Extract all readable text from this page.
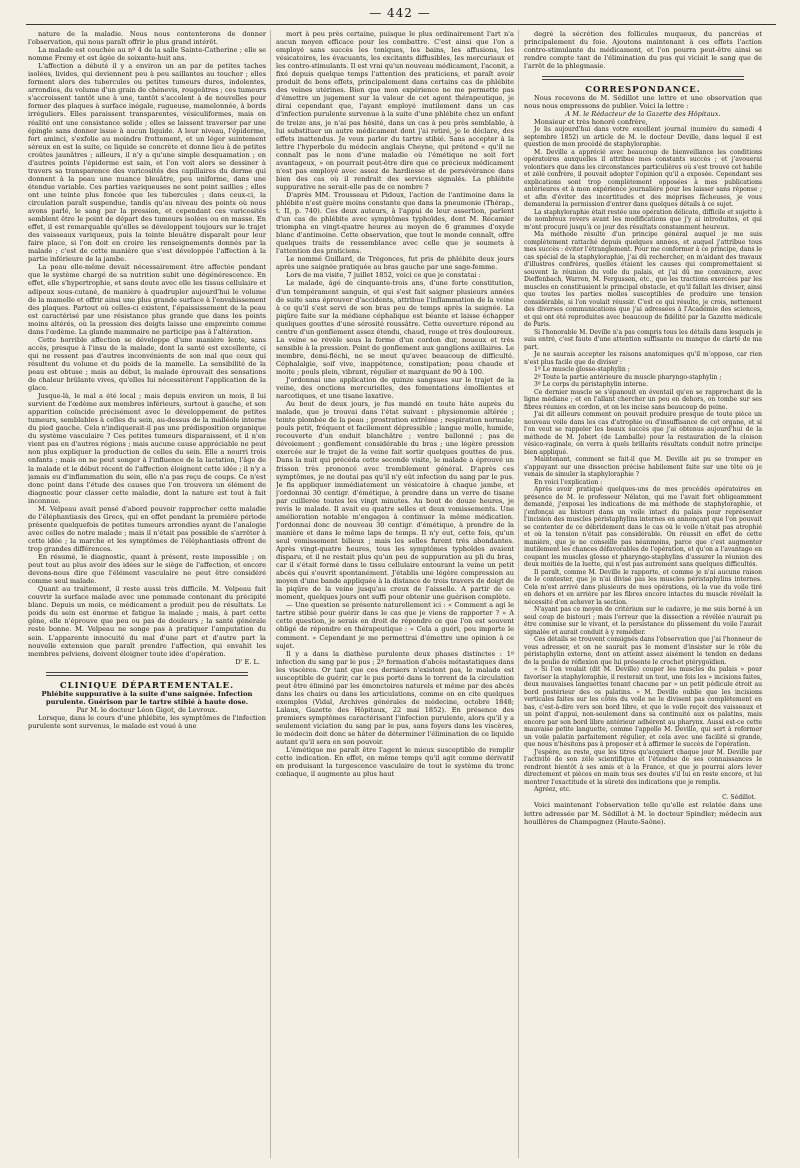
— 442 —

nature de la maladie. Nous nous contenterons de donner l'observation, qui nous paraît offrir le plus grand intérêt.

La malade est couchée au nº 4 de la salle Sainte-Catherine ; elle se nomme Fremy et est âgée de soixante-huit ans.

L'affection a débuté il y a environ un an par de petites taches isolées, livides, qui deviennent peu à peu saillantes au toucher ; elles forment alors des tubercules ou petites tumeurs dures, indolentes, arrondies, du volume d'un grain de chènevis, rougeâtres ; ces tumeurs s'accroissent tantôt une à une, tantôt s'accolent à de nouvelles pour former des plaques à surface inégale, rugueuse, mamelonnée, à bords irréguliers. Elles paraissent transparentes, vésiculiformes, mais en réalité ont une consistance solide ; elles se laissent traverser par une épingle sans donner issue à aucun liquide. A leur niveau, l'épiderme, fort aminci, s'exfolie au moindre frottement, et un léger suintement séreux en est la suite, ce liquide se concrète et donne lieu à de petites croûtes jaunâtres ; ailleurs, il n'y a qu'une simple desquamation ; en d'autres points l'épiderme est sain, et l'on voit alors se dessiner à travers sa transparence des varicosités des capillaires du derme qui donnent à la peau une nuance bleuâtre, peu uniforme, dans une étendue variable. Ces parties variqueuses ne sont point saillies ; elles ont une teinte plus foncée que les tubercules ; dans ceux-ci, la circulation paraît suspendue, tandis qu'au niveau des points où nous avons parlé, le sang par la pression, et cependant ces varicosités semblent être le point de départ des tumeurs isolées ou en masse. En effet, il est remarquable qu'elles se développent toujours sur le trajet des vaisseaux variqueux, puis la teinte bleuâtre disparaît pour leur faire place, si l'on doit en croire les renseignements donnés par la malade ; c'est de cette manière que s'est développée l'affection à la partie inférieure de la jambe.

La peau elle-même devait nécessairement être affectée pendant que le système chargé de sa nutrition subit une dégénérescence. En effet, elle s'hypertrophie, et sans doute avec elle les tissus cellulaire et adipeux sous-cutané, de manière à quadrupler aujourd'hui le volume de la mamelle et offrir ainsi une plus grande surface à l'envahissement des plaques. Partout où celles-ci existent, l'épaississement de la peau est caractérisé par une résistance plus grande que dans les points moins altérés, où la pression des doigts laisse une empreinte comme dans l'œdème. La glande mammaire ne participe pas à l'altération.

Cette horrible affection se développe d'une manière lente, sans accès, presque à l'insu de la malade, dont la santé est excellente, ci qui ne ressent pas d'autres inconvénients de son mal que ceux qui résultent du volume et du poids de la mamelle. La sensibilité de la peau est obtuse ; mais au début, la malade éprouvait des sensations de chaleur brûlante vives, qu'elles lui nécessitèrent l'application de la glace.

Jusque-là, le mal a été local ; mais depuis environ un mois, il lui survient de l'œdème aux membres inférieurs, surtout à gauche, et son apparition coïncide précisément avec le développement de petites tumeurs, semblables à celles du sein, au-dessus de la malléole interne du pied gauche. Cela n'indiquerait-il pas une prédisposition organique du système vasculaire ? Ces petites tumeurs disparaissent, et il n'en vient pas en d'autres régions ; mais aucune cause appréciable ne peut non plus expliquer la production de celles du sein. Elle a nourri trois enfants ; mais on ne peut songer à l'influence de la lactation, l'âge de la malade et le début récent de l'affection éloignent cette idée ; il n'y a jamais eu d'inflammation du sein, elle n'a pas reçu de coups. Ce n'est donc point dans l'étude des causes que l'on trouvera un élément de diagnostic pour classer cette maladie, dont la nature est tout à fait inconnue.

M. Velpeau avait pensé d'abord pouvoir rapprocher cette maladie de l'éléphantiasis des Grecs, qui en effet pendant la première période présente quelquefois de petites tumeurs arrondies ayant de l'analogie avec celles de notre malade ; mais il n'était pas possible de s'arrêter à cette idée ; la marche et les symptômes de l'éléphantiasis offrent de trop grandes différences.

En résumé, le diagnostic, quant à présent, reste impossible ; on peut tout au plus avoir des idées sur le siège de l'affection, et encore devons-nous dire que l'élément vasculaire ne peut être considéré comme seul malade.

Quant au traitement, il reste aussi très difficile. M. Velpeau fait couvrir la surface malade avec une pommade contenant du précipité blanc. Depuis un mois, ce médicament a produit peu de résultats. Le poids du sein est énorme et fatigue la malade ; mais, à part cette gêne, elle n'éprouve que peu ou pas de douleurs ; la santé générale reste bonne. M. Velpeau ne songe pas à pratiquer l'amputation du sein. L'apparente innocuité du mal d'une part et d'autre part la nouvelle extension que paraît prendre l'affection, qui envahit les membres pelviens, doivent éloigner toute idée d'opération.

D' E. L.

CLINIQUE DÉPARTEMENTALE.

Phlébite suppurative à la suite d'une saignée. Infection purulente. Guérison par le tartre stibié à haute dose.

Par M. le docteur Léon Gigot, de Levroux.

Lorsque, dans le cours d'une phlébite, les symptômes de l'infection purulente sont survenus, le malade est voué à une

mort à peu près certaine, puisque le plus ordinairement l'art n'a aucun moyen efficace pour les combattre. C'est ainsi que l'on a employé sans succès les toniques, les bains, les affusions, les vésicatoires, les évacuants, les excitants diffusibles, les mercuriaux et les contro-stimulants. Il est vrai qu'un nouveau médicament, l'aconit, a fixé depuis quelque temps l'attention des praticiens, et paraît avoir produit de bons effets, principalement dans certains cas de phlébite des veines utérines. Bien que mon expérience ne me permette pas d'émettre un jugement sur la valeur de cet agent thérapeutique, je dirai cependant que, l'ayant employé inutilement dans un cas d'infection purulente survenue à la suite d'une phlébite chez un enfant de treize ans, je n'ai pas hésité, dans un cas à peu près semblable, à lui substituer un autre médicament dont j'ai retiré, je le déclare, des effets inattendus. Je veux parler du tartre stibié. Sans accepter à la lettre l'hyperbole du médecin anglais Cheyne, qui prétend « qu'il ne connaît pas le nom d'une maladie où l'émétique ne soit fort avantageux, » on pourrait peut-être dire que ce précieux médicament n'est pas employé avec assez de hardiesse et de persévérance dans bien des cas où il rendrait des services signalés. La phlébite suppurative ne serait-elle pas de ce nombre ?

D'après MM. Trousseau et Pidoux, l'action de l'antimoine dans la phlébite n'est guère moins constante que dans la pneumonie (Thérap., t. II, p. 740). Ces deux auteurs, à l'appui de leur assertion, parlent d'un cas de phlébite avec symptômes typhoïdes, dont M. Récamier triompha en vingt-quatre heures au moyen de 6 grammes d'oxyde blanc d'antimoine. Cette observation, que tout le monde connaît, offre quelques traits de ressemblance avec celle que je soumets à l'attention des praticiens.

Le nommé Guillard, de Trégonces, fut pris de phlébite deux jours après une saignée pratiquée au bras gauche par une sage-femme.

Lors de ma visite, 7 juillet 1852, voici ce que je constatai :

Le malade, âgé de cinquante-trois ans, d'une forte constitution, d'un tempérament sanguin, et qui s'est fait saigner plusieurs années de suite sans éprouver d'accidents, attribue l'inflammation de la veine à ce qu'il s'est servi de son bras peu de temps après la saignée. La piqûre faite sur la médiane céphalique est béante et laisse échapper quelques gouttes d'une sérosité roussâtre. Cette ouverture répond au centre d'un gonflement assez étendu, chaud, rouge et très douloureux. La veine se révèle sous la forme d'un cordon dur, noueux et très sensible à la pression. Point de gonflement aux ganglions axillaires. Le membre, demi-fléchi, ne se meut qu'avec beaucoup de difficulté. Céphalalgie, soif vive, inappétence, constipation; peau chaude et moite ; pouls plein, vibrant, régulier et marquant de 90 à 100.

J'ordonnai une application de quinze sangsues sur le trajet de la veine, des onctions mercurielles, des fomentations émollientes et narcotiques, et une tisane laxative.

Au bout de deux jours, je fus mandé en toute hâte auprès du malade, que je trouvai dans l'état suivant : physionomie altérée ; teinte plombée de la peau ; prostration extrême ; respiration normale; pouls petit, fréquent et facilement dépressible ; langue molle, humide, recouverte d'un enduit blanchâtre ; ventre ballonné ; pas de dévoiement ; gonflement considérable du bras ; une légère pression exercée sur le trajet de la veine fait sortir quelques gouttes de pus. Dans la nuit qui précéda cette seconde visite, le malade a éprouvé un frisson très prononcé avec tremblement général. D'après ces symptômes, je ne doutai pas qu'il n'y eût infection du sang par le pus. Je fis appliquer immédiatement un vésicatoire à chaque jambe, et j'ordonnai 30 centigr. d'émétique, à prendre dans un verre de tisane par cuillerée toutes les vingt minutes. Au bout de douze heures, je revis le malade. Il avait eu quatre selles et deux vomissements. Une amélioration notable m'engagea à continuer la même médication. J'ordonnai donc de nouveau 30 centigr. d'émétique, à prendre de la manière et dans le même laps de temps. Il n'y eut, cette fois, qu'un seul vomissement bilieux ; mais les selles furent très abondantes. Après vingt-quatre heures, tous les symptômes typhoïdes avaient disparu, et il ne restait plus qu'un peu de suppuration au pli du bras, car il s'était formé dans le tissu cellulaire entourant la veine un petit abcès qui s'ouvrit spontanément. J'établis une légère compression au moyen d'une bande appliquée à la distance de trois travers de doigt de la piqûre de la veine jusqu'au creux de l'aisselle. A partir de ce moment, quelques jours ont suffi pour obtenir une guérison complète.

— Une question se présente naturellement ici : « Comment a agi le tartre stibié pour guérir dans le cas que je viens de rapporter ? » A cette question, je serais en droit de répondre ce que l'on est souvent obligé de répondre en thérapeutique : « Cela a guéri, peu importe le comment. » Cependant je me permettrai d'émettre une opinion à ce sujet.

Il y a dans la diathèse purulente deux phases distinctes : 1º infection du sang par le pus ; 2º formation d'abcès métastatiques dans les viscères. Or tant que ces derniers n'existent pas, le malade est susceptible de guérir, car le pus porté dans le torrent de la circulation peut être éliminé par les émonctoires naturels et même par des abcès dans les chairs ou dans les articulations, comme on en cite quelques exemples (Vidal, Archives générales de médecine, octobre 1848; Lalaux, Gazette des Hôpitaux, 22 mai 1852). En présence des premiers symptômes caractérisant l'infection purulente, alors qu'il y a seulement viciation du sang par le pus, sans foyers dans les viscères, le médecin doit donc se hâter de déterminer l'élimination de ce liquide autant qu'il sera en son pouvoir.

L'émétique me paraît être l'agent le mieux susceptible de remplir cette indication. En effet, en même temps qu'il agit comme dérivatif en produisant la turgescence vasculaire de tout le système du tronc cœliaque, il augmente au plus haut

degré la sécrétion des follicules muqueux, du pancréas et principalement du foie. Ajoutons maintenant à ces effets l'action contro-stimulante du médicament, et l'on pourra peut-être ainsi se rendre compte tant de l'élimination du pus qui viciait le sang que de l'arrêt de la phlegmasie.

CORRESPONDANCE.

Nous recevons de M. Sédillot une lettre et une observation que nous nous empressons de publier. Voici la lettre :

A M. le Rédacteur de la Gazette des Hôpitaux.

Monsieur et très honoré confrère,

Je lis aujourd'hui dans votre excellent journal (numéro du samedi 4 septembre 1852) un article de M. le docteur Deville, dans lequel il est question de mon procédé de staphyloraphie.

M. Deville a apprécié avec beaucoup de bienveillance les conditions opératoires auxquelles il attribue mes constants succès ; et j'avouerai volontiers que dans les circonstances particulières où s'est trouvé cet habile et zélé confrère, il pouvait adopter l'opinion qu'il a exposée. Cependant ses explications sont trop complètement opposées à mes publications antérieures et à mon expérience journalière pour les laisser sans réponse ; et afin d'éviter des incertitudes et des méprises fâcheuses, je vous demanderai la permission d'entrer dans quelques détails à ce sujet.

La staphyloraphie était restée une opération délicate, difficile et sujette à de nombreux revers avant les modifications que j'y ai introduites, et qui m'ont procuré jusqu'à ce jour des résultats constamment heureux.

Ma méthode résulte d'un principe général auquel je me suis complètement rattaché depuis quelques années, et auquel j'attribue tous mes succès : éviter l'étranglement. Pour me conformer à ce principe, dans le cas spécial de la staphyloraphie, j'ai dû rechercher, en m'aidant des travaux d'illustres confrères, quelles étaient les causes qui compromettaient si souvent la réunion du voile du palais, et j'ai dû me convaincre, avec Dieffenbach, Warren, M. Fergusson, etc., que les tractions exercées par les muscles en constituaient le principal obstacle, et qu'il fallait les diviser, ainsi que toutes les parties molles susceptibles de produire une tension considérable, si l'on voulait réussir. C'est ce qui résulte, je crois, nettement des diverses communications que j'ai adressées à l'Académie des sciences, et qui ont été reproduites avec beaucoup de fidélité par la Gazette médicale de Paris.

Si l'honorable M. Deville n'a pas compris tous les détails dans lesquels je suis entré, c'est faute d'une attention suffisante ou manque de clarté de ma part.

Je ne saurais accepter les raisons anatomiques qu'il m'oppose, car rien n'est plus facile que de diviser :

1º Le muscle glosso-staphylin ;

2º Toute la partie antérieure du muscle pharyngo-staphylin ;

3º Le corps du péristaphylin interne.

Ce dernier muscle se s'épanouit en éventail qu'en se rapprochant de la ligne médiane ; et en l'allant chercher un peu en dehors, on tombe sur ses fibres réunies en cordon, et on les incise sans beaucoup de peine.

J'ai dit ailleurs comment on pouvait produire presque de toute pièce un nouveau voile dans les cas d'atrophie ou d'insuffisance de cet organe, et si l'on veut se rappeler les beaux succès que j'ai obtenus aujourd'hui de la méthode de M. Jobert (de Lamballe) pour la restauration de la cloison vésico-vaginale, on verra à quels brillants résultats conduit notre principe bien appliqué.

Maintenant, comment se fait-il que M. Deville ait pu se tromper en s'appuyant sur une dissection précise habilement faite sur une tête où je venais de simuler la staphyloraphie ?

En voici l'explication :

Après avoir pratiqué quelques-uns de mes procédés opératoires en présence de M. le professeur Nélaton, qui me l'avait fort obligeamment demandé, j'exposai les indications de ma méthode de staphyloraphie, et j'enfonçai au bistouri dans un voile intact du palais pour représenter l'incision des muscles péristaphylins internes en annonçant que l'on pouvait se contenter de ce débridement dans le cas où le voile n'était pas atrophié et où la tension n'était pas considérable. On réussit en effet de cette manière, que je ne conseille pas néanmoins, parce que c'est augmenter inutilement les chances défavorables de l'opération, et qu'on a l'avantage en coupant les muscles glosso et pharyngo-staphylins d'assurer la réunion des deux moitiés de la luette, qui n'est pas autrement sans quelques difficultés.

Il paraît, comme M. Deville le rapporte, et comme je n'ai aucune raison de le contester, que je n'ai divisé pas les muscles péristaphylins internes. Cela m'est arrivé dans plusieurs de mes opérations, où la vue du voile tiré en dehors et en arrière par les fibres encore intactes du muscle révélait la nécessité d'en achever la section.

N'ayant pas ce moyen de critérium sur le cadavre, je me suis borné à un seul coup de bistouri ; mais l'erreur que la dissection a révélée n'aurait pu être commise sur le vivant, et la persistance du plissement du voile l'aurait signalée et aurait conduit à y remédier.

Ces détails se trouvent consignés dans l'observation que j'ai l'honneur de vous adresser, et on ne saurait pas le moment d'insister sur le rôle du péristaphylin externe, dont on atteint assez aisément le tendon en dedans de la poulie de réflexion que lui présente le crochet ptérygoïdien.

« Si l'on voulait (dit M. Deville) couper les muscles du palais » pour favoriser la staphyloraphie, il resterait un tout, une fois les » incisions faites, deux mauvaises languettes tenant chacune par » un petit pédicule étroit au bord postérieur des os palatins. » M. Deville oublie que les incisions verticales faites sur les côtés du voile ne le divisent pas complètement en bas, c'est-à-dire vers son bord libre, et que le voile reçoit des vaisseaux et un point d'appui, non-seulement dans sa continuité aux os palatins, mais encore par son bord libre antérieur adhérent au pharynx. Aussi est-ce cette mauvaise petite languette, comme l'appelle M. Deville, qui sert à reformer un voile palatin parfaitement régulier, et cela avec une facilité si grande, que nous n'hésitons pas à proposer et à affirmer le succès de l'opération.

J'espère, au reste, que les titres qu'acquiert chaque jour M. Deville par l'activité de son zèle scientifique et l'étendue de ses connaissances le rendront bientôt à ses amis et à la France, et que je pourrai alors lever directement et pièces en main tous ses doutes s'il lui en reste encore, et lui montrer l'exactitude et la sûreté des indications que je remplis.

Agréez, etc.

C. Sédillot.

Voici maintenant l'observation telle qu'elle est relatée dans une lettre adressée par M. Sédillot à M. le docteur Spindler; médecin aux houillères de Champagnez (Haute-Saône).
